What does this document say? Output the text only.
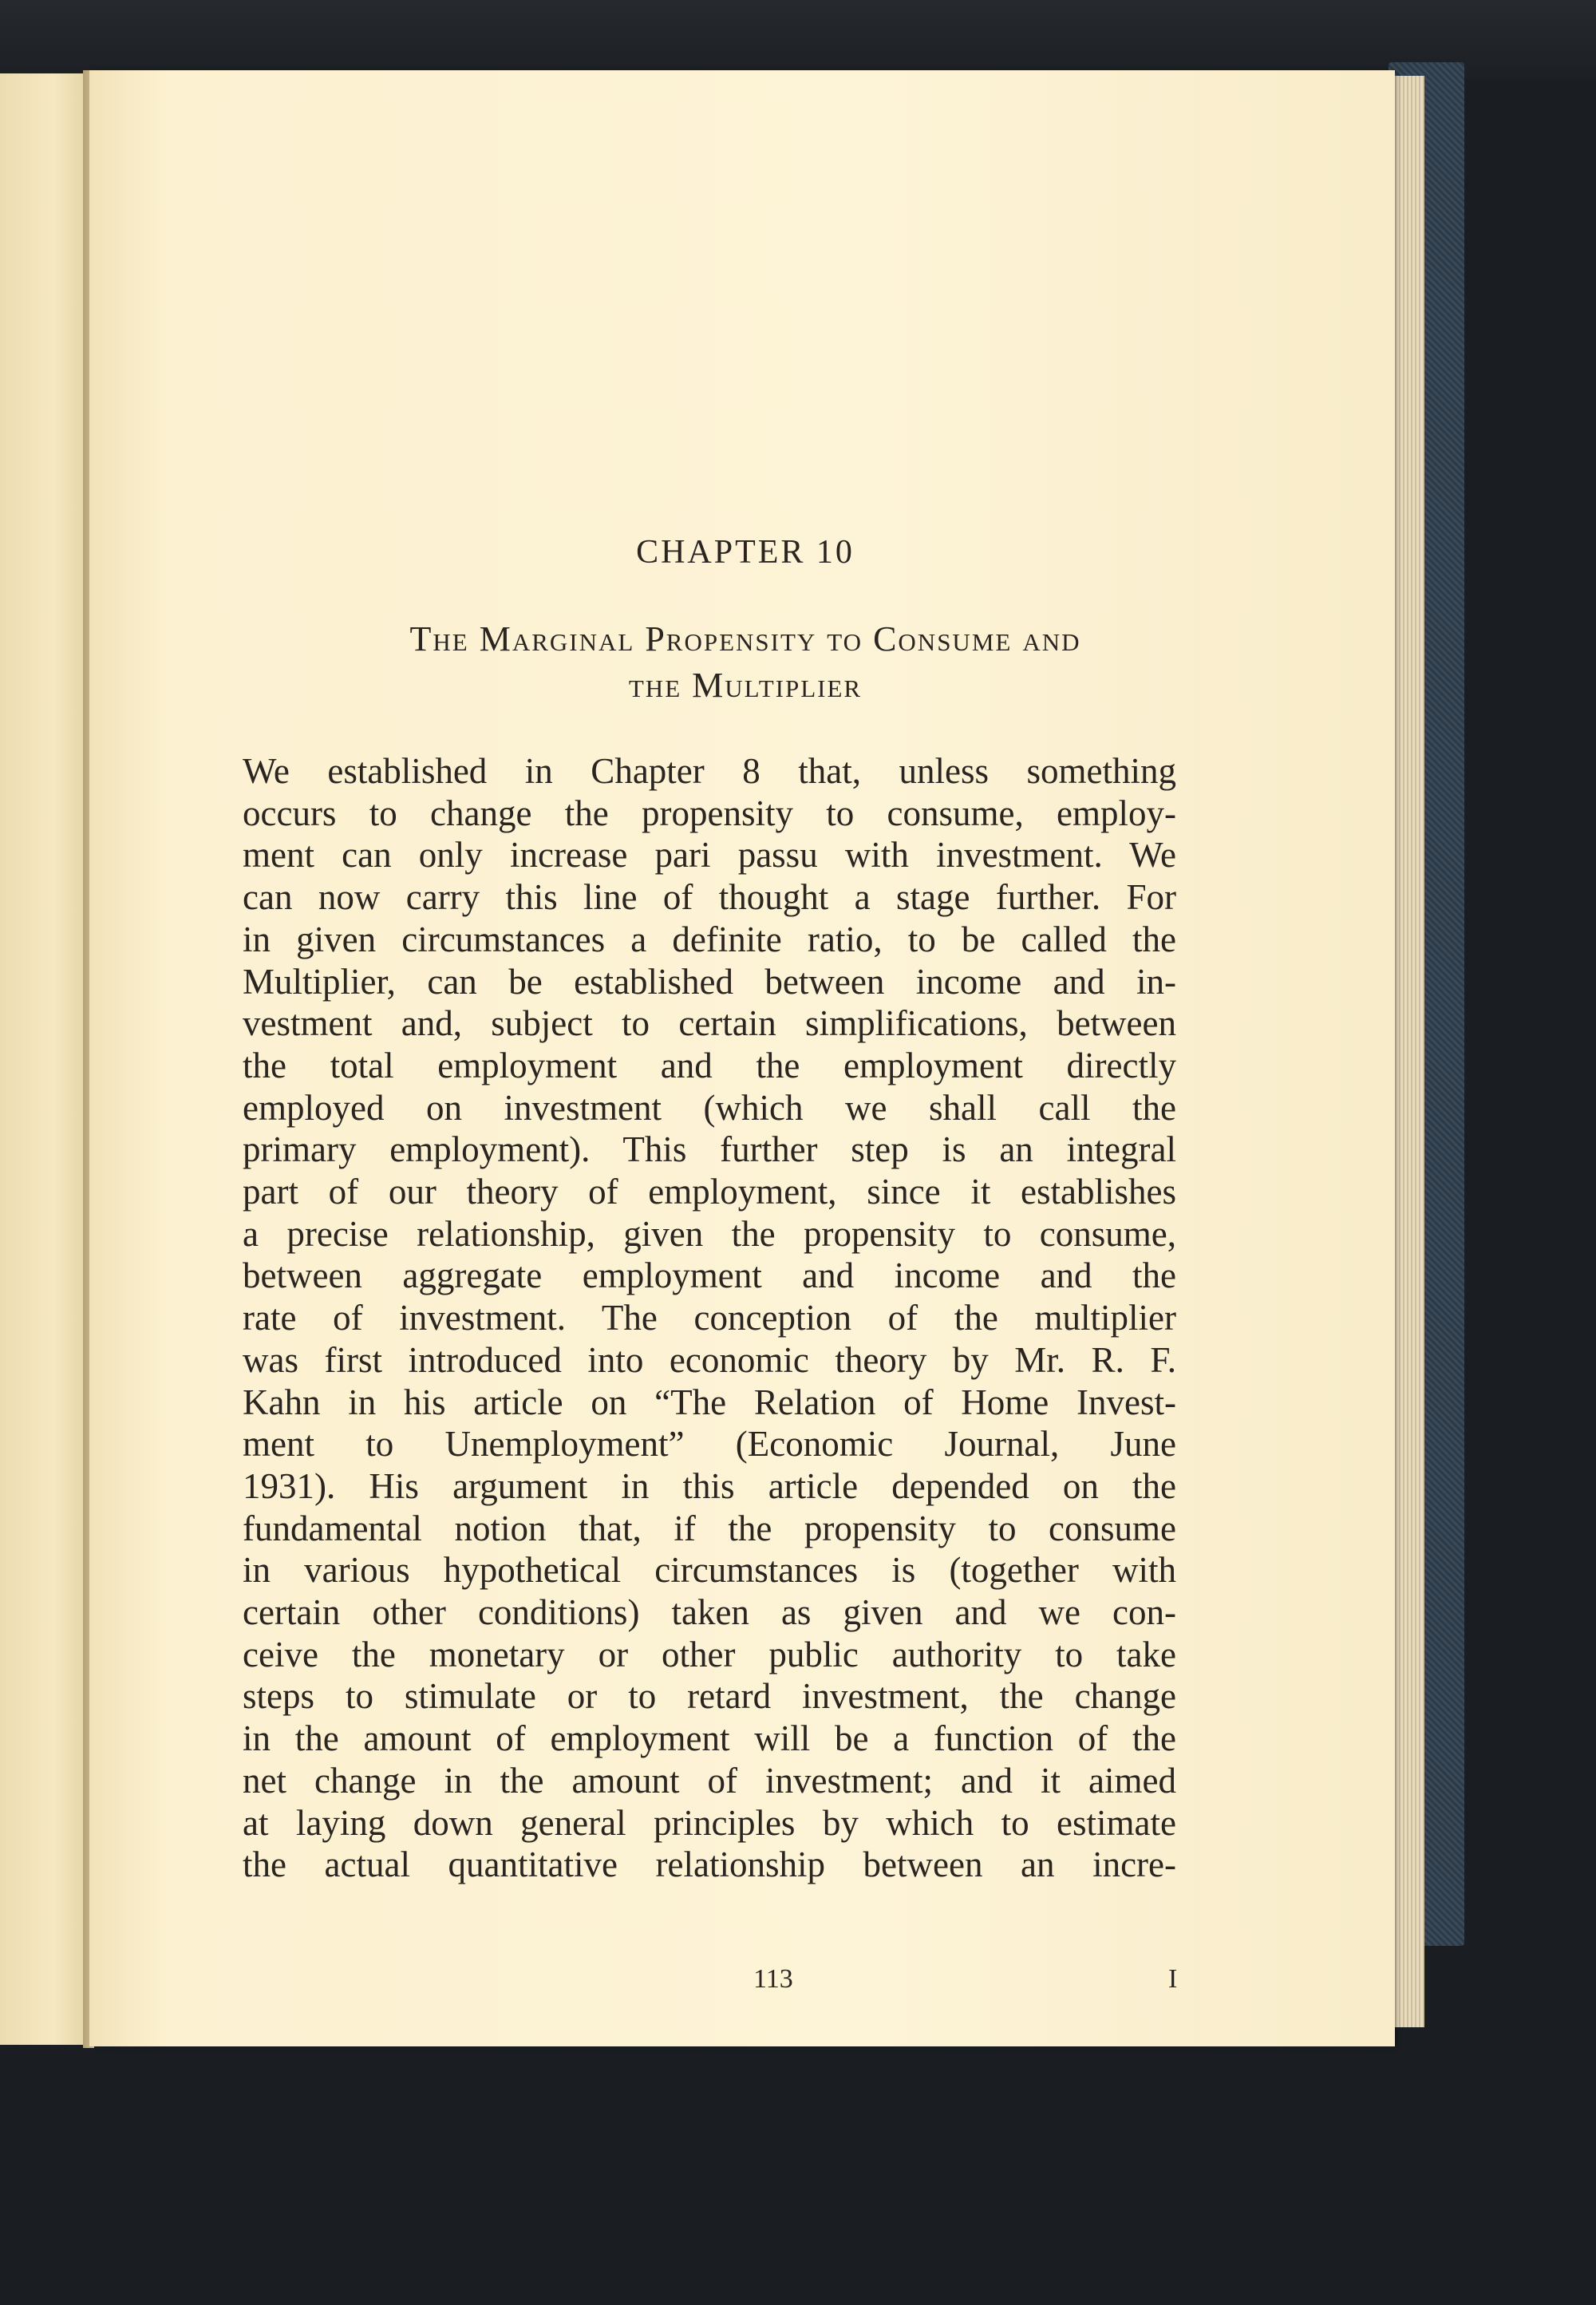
CHAPTER 10
The Marginal Propensity to Consume and
the Multiplier
We established in Chapter 8 that, unless something
occurs to change the propensity to consume, employ-
ment can only increase pari passu with investment. We
can now carry this line of thought a stage further. For
in given circumstances a definite ratio, to be called the
Multiplier, can be established between income and in-
vestment and, subject to certain simplifications, between
the total employment and the employment directly
employed on investment (which we shall call the
primary employment). This further step is an integral
part of our theory of employment, since it establishes
a precise relationship, given the propensity to consume,
between aggregate employment and income and the
rate of investment. The conception of the multiplier
was first introduced into economic theory by Mr. R. F.
Kahn in his article on “The Relation of Home Invest-
ment to Unemployment” (Economic Journal, June
1931). His argument in this article depended on the
fundamental notion that, if the propensity to consume
in various hypothetical circumstances is (together with
certain other conditions) taken as given and we con-
ceive the monetary or other public authority to take
steps to stimulate or to retard investment, the change
in the amount of employment will be a function of the
net change in the amount of investment; and it aimed
at laying down general principles by which to estimate
the actual quantitative relationship between an incre-
113	I
